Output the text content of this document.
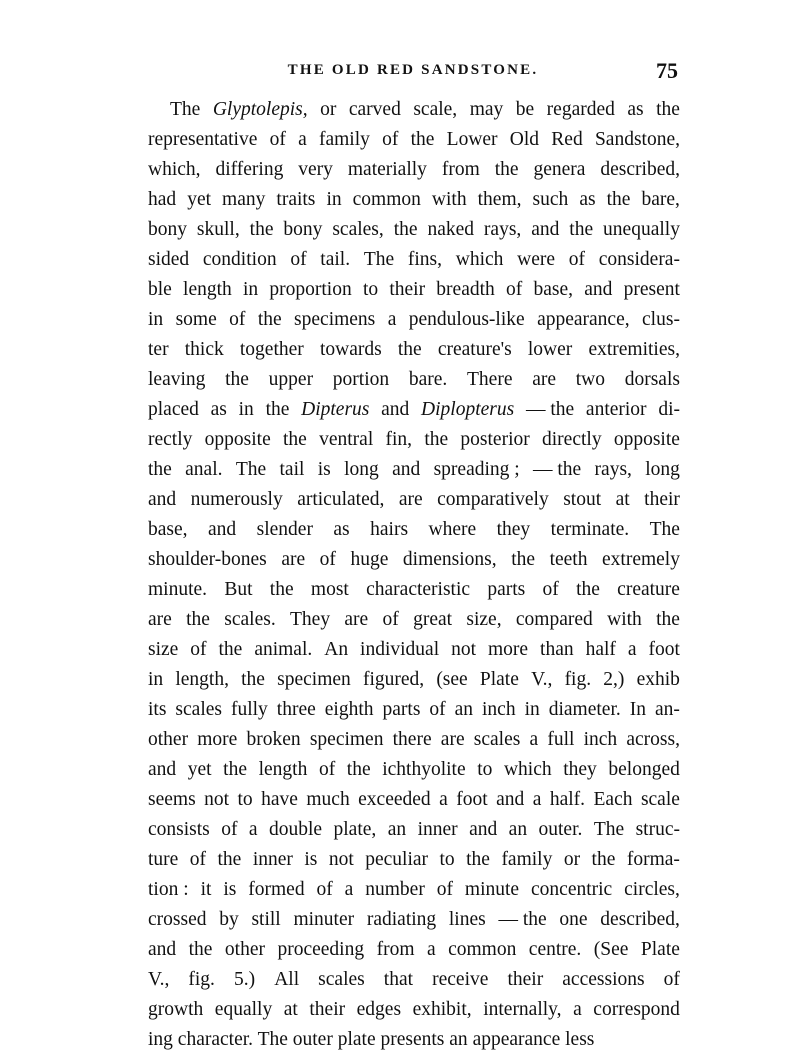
THE OLD RED SANDSTONE.	75
The Glyptolepis, or carved scale, may be regarded as the
representative of a family of the Lower Old Red Sandstone,
which, differing very materially from the genera described,
had yet many traits in common with them, such as the bare,
bony skull, the bony scales, the naked rays, and the unequally
sided condition of tail. The fins, which were of considera-
ble length in proportion to their breadth of base, and present
in some of the specimens a pendulous-like appearance, clus-
ter thick together towards the creature's lower extremities,
leaving the upper portion bare. There are two dorsals
placed as in the Dipterus and Diplopterus — the anterior di-
rectly opposite the ventral fin, the posterior directly opposite
the anal. The tail is long and spreading ; — the rays, long
and numerously articulated, are comparatively stout at their
base, and slender as hairs where they terminate. The
shoulder-bones are of huge dimensions, the teeth extremely
minute. But the most characteristic parts of the creature
are the scales. They are of great size, compared with the
size of the animal. An individual not more than half a foot
in length, the specimen figured, (see Plate V., fig. 2,) exhib
its scales fully three eighth parts of an inch in diameter. In an-
other more broken specimen there are scales a full inch across,
and yet the length of the ichthyolite to which they belonged
seems not to have much exceeded a foot and a half. Each scale
consists of a double plate, an inner and an outer. The struc-
ture of the inner is not peculiar to the family or the forma-
tion : it is formed of a number of minute concentric circles,
crossed by still minuter radiating lines — the one described,
and the other proceeding from a common centre. (See Plate
V., fig. 5.) All scales that receive their accessions of
growth equally at their edges exhibit, internally, a correspond
ing character. The outer plate presents an appearance less
